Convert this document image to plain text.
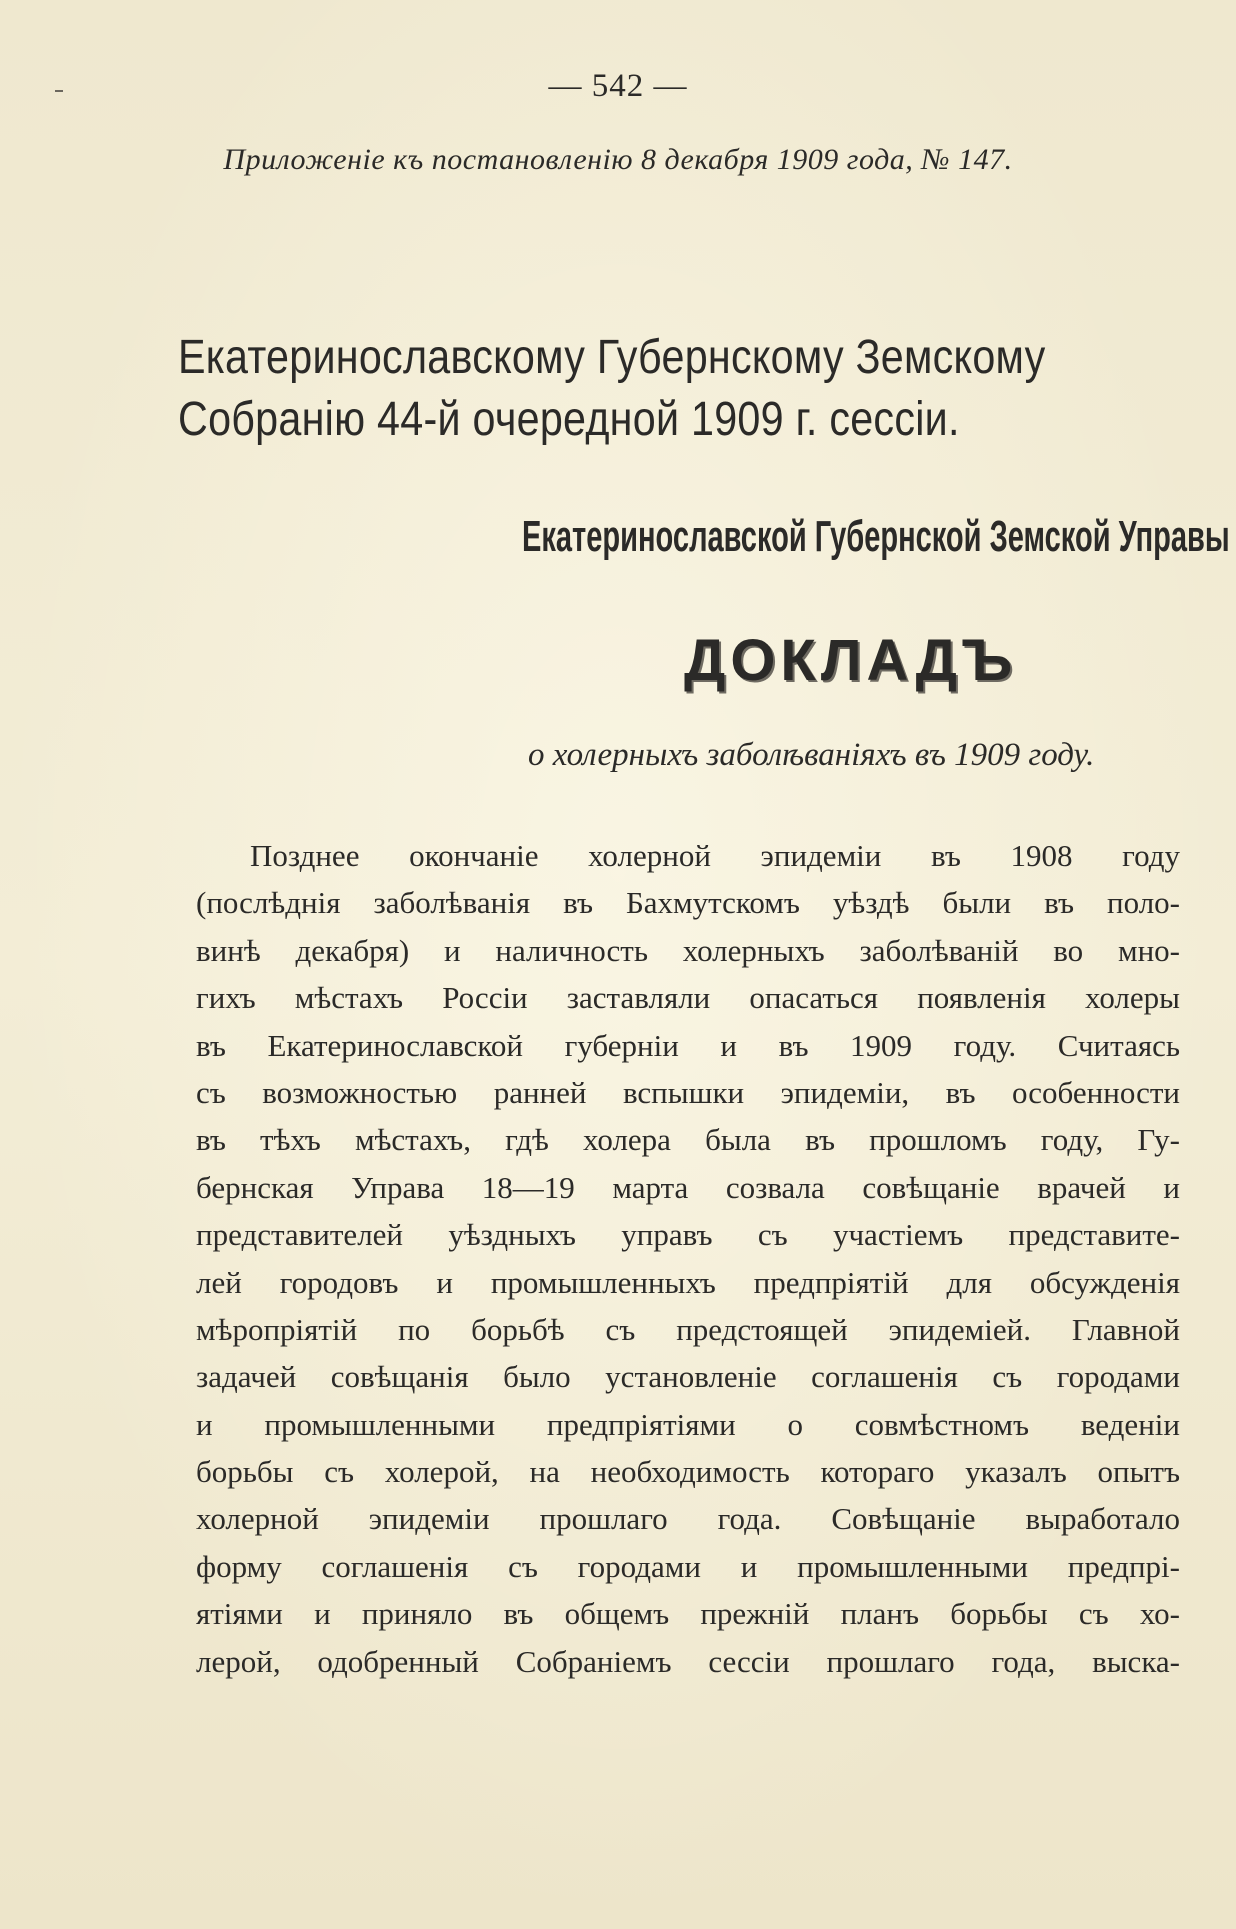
— 542 —
Приложеніе къ постановленію 8 декабря 1909 года, № 147.
Екатеринославскому Губернскому Земскому
Собранію 44-й очередной 1909 г. сессіи.
Екатеринославской Губернской Земской Управы
ДОКЛАДЪ
о холерныхъ заболѣваніяхъ въ 1909 году.
Позднее окончаніе холерной эпидеміи въ 1908 году
(послѣднія заболѣванія въ Бахмутскомъ уѣздѣ были въ поло-
винѣ декабря) и наличность холерныхъ заболѣваній во мно-
гихъ мѣстахъ Россіи заставляли опасаться появленія холеры
въ Екатеринославской губерніи и въ 1909 году. Считаясь
съ возможностью ранней вспышки эпидеміи, въ особенности
въ тѣхъ мѣстахъ, гдѣ холера была въ прошломъ году, Гу-
бернская Управа 18—19 марта созвала совѣщаніе врачей и
представителей уѣздныхъ управъ съ участіемъ представите-
лей городовъ и промышленныхъ предпріятій для обсужденія
мѣропріятій по борьбѣ съ предстоящей эпидеміей. Главной
задачей совѣщанія было установленіе соглашенія съ городами
и промышленными предпріятіями о совмѣстномъ веденіи
борьбы съ холерой, на необходимость котораго указалъ опытъ
холерной эпидеміи прошлаго года. Совѣщаніе выработало
форму соглашенія съ городами и промышленными предпрі-
ятіями и приняло въ общемъ прежній планъ борьбы съ хо-
лерой, одобренный Собраніемъ сессіи прошлаго года, выска-
